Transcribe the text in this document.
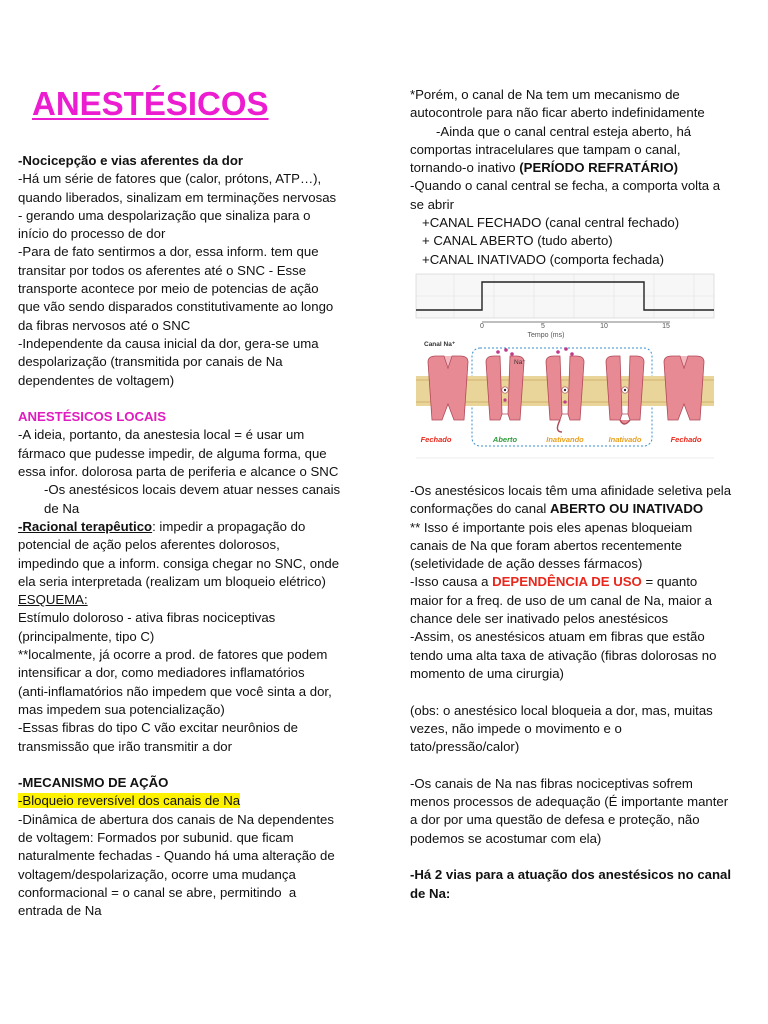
ANESTÉSICOS

-Nocicepção e vias aferentes da dor

-Há um série de fatores que (calor, prótons, ATP…),

quando liberados, sinalizam em terminações nervosas

- gerando uma despolarização que sinaliza para o

início do processo de dor

-Para de fato sentirmos a dor, essa inform. tem que

transitar por todos os aferentes até o SNC - Esse

transporte acontece por meio de potencias de ação

que vão sendo disparados constitutivamente ao longo

da fibras nervosos até o SNC

-Independente da causa inicial da dor, gera-se uma

despolarização (transmitida por canais de Na

dependentes de voltagem)

ANESTÉSICOS LOCAIS

-A ideia, portanto, da anestesia local = é usar um

fármaco que pudesse impedir, de alguma forma, que

essa infor. dolorosa parta de periferia e alcance o SNC

-Os anestésicos locais devem atuar nesses canais

de Na

-Racional terapêutico: impedir a propagação do

potencial de ação pelos aferentes dolorosos,

impedindo que a inform. consiga chegar no SNC, onde

ela seria interpretada (realizam um bloqueio elétrico)

ESQUEMA:

Estímulo doloroso - ativa fibras nociceptivas

(principalmente, tipo C)

**localmente, já ocorre a prod. de fatores que podem

intensificar a dor, como mediadores inflamatórios

(anti-inflamatórios não impedem que você sinta a dor,

mas impedem sua potencialização)

-Essas fibras do tipo C vão excitar neurônios de

transmissão que irão transmitir a dor

-MECANISMO DE AÇÃO

-Bloqueio reversível dos canais de Na

-Dinâmica de abertura dos canais de Na dependentes

de voltagem: Formados por subunid. que ficam

naturalmente fechadas - Quando há uma alteração de

voltagem/despolarização, ocorre uma mudança

conformacional = o canal se abre, permitindo  a

entrada de Na

*Porém, o canal de Na tem um mecanismo de

autocontrole para não ficar aberto indefinidamente

-Ainda que o canal central esteja aberto, há

comportas intracelulares que tampam o canal,

tornando-o inativo (PERÍODO REFRATÁRIO)

-Quando o canal central se fecha, a comporta volta a

se abrir

+CANAL FECHADO (canal central fechado)

+ CANAL ABERTO (tudo aberto)

+CANAL INATIVADO (comporta fechada)

0	5	10	15
Tempo (ms)
Canal Na⁺
Na⁺
Fechado	Aberto	Inativando	Inativado	Fechado

-Os anestésicos locais têm uma afinidade seletiva pela

conformações do canal ABERTO OU INATIVADO

** Isso é importante pois eles apenas bloqueiam

canais de Na que foram abertos recentemente

(seletividade de ação desses fármacos)

-Isso causa a DEPENDÊNCIA DE USO = quanto

maior for a freq. de uso de um canal de Na, maior a

chance dele ser inativado pelos anestésicos

-Assim, os anestésicos atuam em fibras que estão

tendo uma alta taxa de ativação (fibras dolorosas no

momento de uma cirurgia)

(obs: o anestésico local bloqueia a dor, mas, muitas

vezes, não impede o movimento e o

tato/pressão/calor)

-Os canais de Na nas fibras nociceptivas sofrem

menos processos de adequação (É importante manter

a dor por uma questão de defesa e proteção, não

podemos se acostumar com ela)

-Há 2 vias para a atuação dos anestésicos no canal

de Na:
